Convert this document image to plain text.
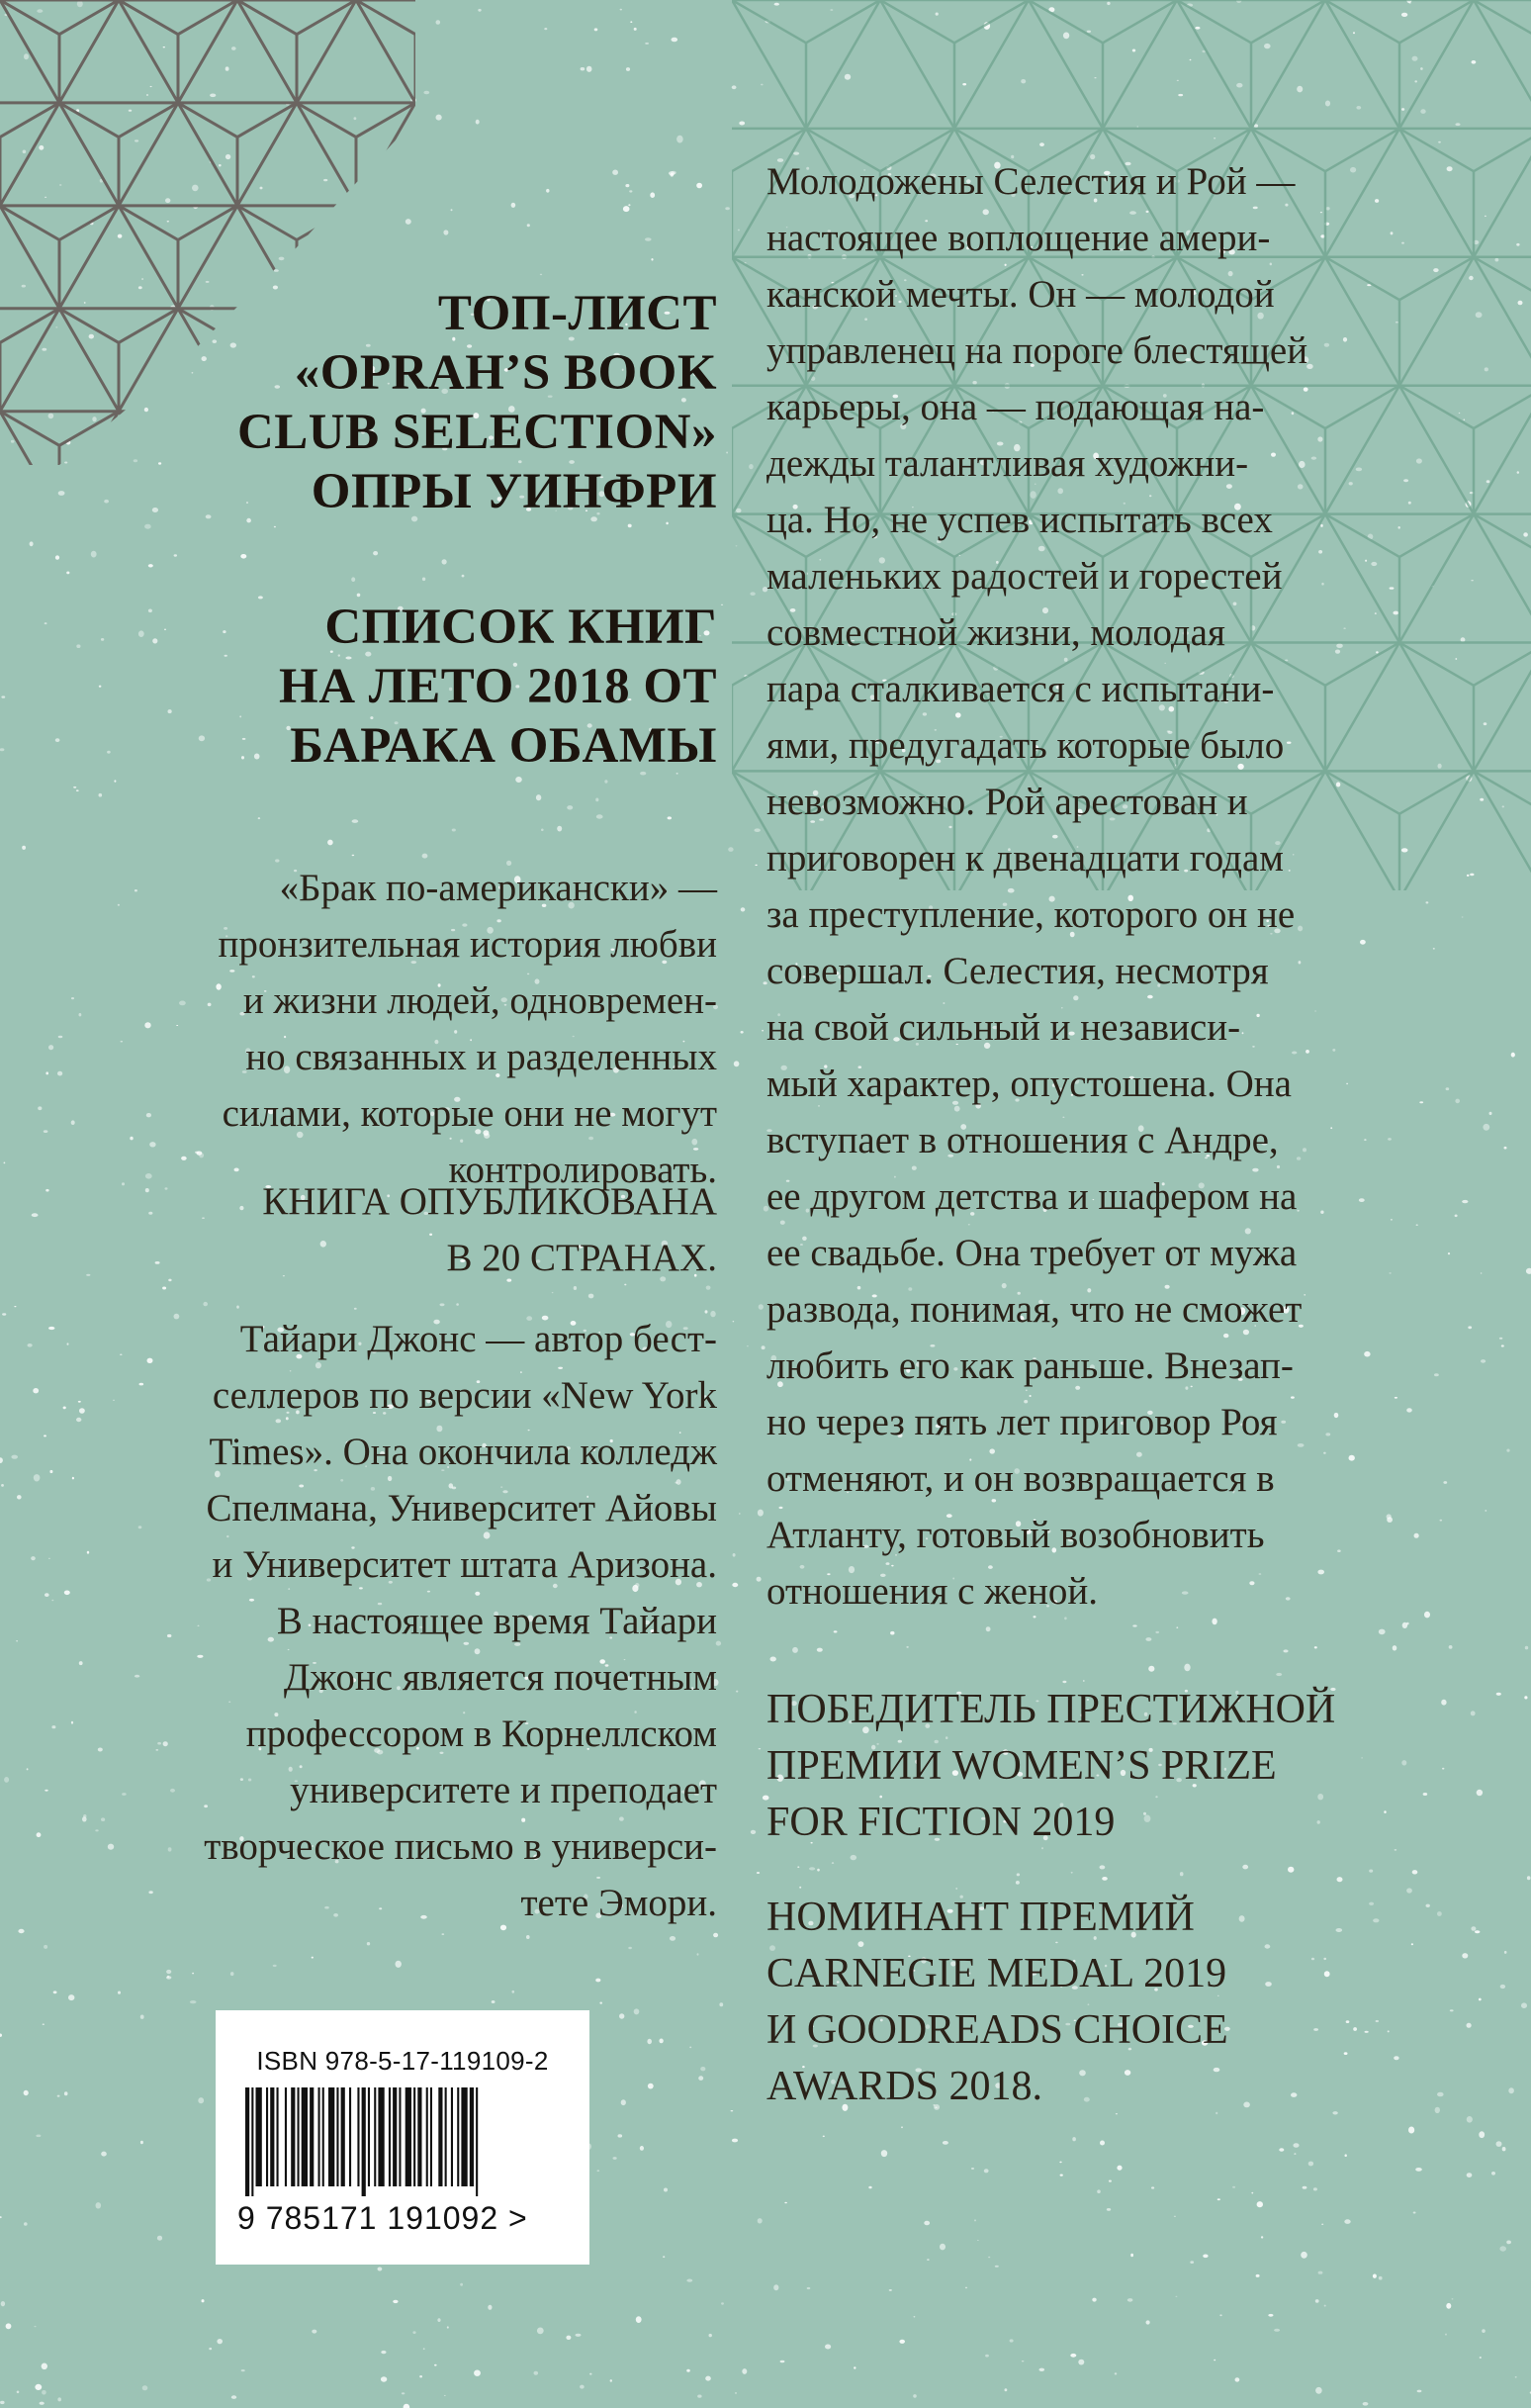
ТОП-ЛИСТ
«OPRAH’S BOOK
CLUB SELECTION»
ОПРЫ УИНФРИ
СПИСОК КНИГ
НА ЛЕТО 2018 ОТ
БАРАКА ОБАМЫ
«Брак по-американски» —
пронзительная история любви
и жизни людей, одновремен-
но связанных и разделенных
силами, которые они не могут
контролировать.
КНИГА ОПУБЛИКОВАНА
В 20 СТРАНАХ.
Тайари Джонс — автор бест-
селлеров по версии «New York
Times». Она окончила колледж
Спелмана, Университет Айовы
и Университет штата Аризона.
В настоящее время Тайари
Джонс является почетным
профессором в Корнеллском
университете и преподает
творческое письмо в универси-
тете Эмори.
ISBN 978-5-17-119109-2
9 785171 191092 >
Молодожены Селестия и Рой —
настоящее воплощение амери-
канской мечты. Он — молодой
управленец на пороге блестящей
карьеры, она — подающая на-
дежды талантливая художни-
ца. Но, не успев испытать всех
маленьких радостей и горестей
совместной жизни, молодая
пара сталкивается с испытани-
ями, предугадать которые было
невозможно. Рой арестован и
приговорен к двенадцати годам
за преступление, которого он не
совершал. Селестия, несмотря
на свой сильный и независи-
мый характер, опустошена. Она
вступает в отношения с Андре,
ее другом детства и шафером на
ее свадьбе. Она требует от мужа
развода, понимая, что не сможет
любить его как раньше. Внезап-
но через пять лет приговор Роя
отменяют, и он возвращается в
Атланту, готовый возобновить
отношения с женой.
ПОБЕДИТЕЛЬ ПРЕСТИЖНОЙ
ПРЕМИИ WOMEN’S PRIZE
FOR FICTION 2019
НОМИНАНТ ПРЕМИЙ
CARNEGIE MEDAL 2019
И GOODREADS CHOICE
AWARDS 2018.
